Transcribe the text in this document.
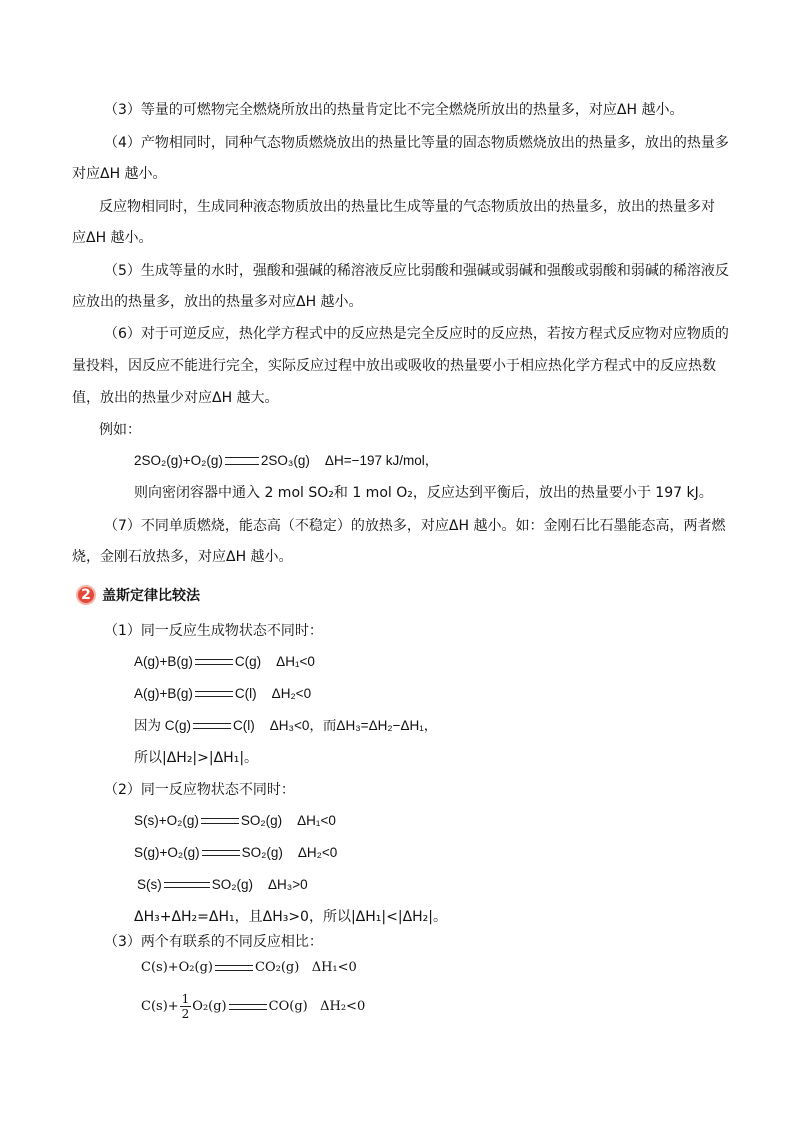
（3）等量的可燃物完全燃烧所放出的热量肯定比不完全燃烧所放出的热量多，对应ΔH 越小。
（4）产物相同时，同种气态物质燃烧放出的热量比等量的固态物质燃烧放出的热量多，放出的热量多
对应ΔH 越小。
反应物相同时，生成同种液态物质放出的热量比生成等量的气态物质放出的热量多，放出的热量多对
应ΔH 越小。
（5）生成等量的水时，强酸和强碱的稀溶液反应比弱酸和强碱或弱碱和强酸或弱酸和弱碱的稀溶液反
应放出的热量多，放出的热量多对应ΔH 越小。
（6）对于可逆反应，热化学方程式中的反应热是完全反应时的反应热，若按方程式反应物对应物质的
量投料，因反应不能进行完全，实际反应过程中放出或吸收的热量要小于相应热化学方程式中的反应热数
值，放出的热量少对应ΔH 越大。
例如：
2SO₂(g)+O₂(g)	2SO₃(g) ΔH=−197 kJ/mol，
则向密闭容器中通入 2 mol SO₂和 1 mol O₂，反应达到平衡后，放出的热量要小于 197 kJ。
（7）不同单质燃烧，能态高（不稳定）的放热多，对应ΔH 越小。如：金刚石比石墨能态高，两者燃
烧，金刚石放热多，对应ΔH 越小。
2 盖斯定律比较法
（1）同一反应生成物状态不同时：
A(g)+B(g)	C(g) ΔH₁<0
A(g)+B(g)	C(l) ΔH₂<0
因为 C(g)	C(l) ΔH₃<0，而ΔH₃=ΔH₂−ΔH₁，
所以|ΔH₂|>|ΔH₁|。
（2）同一反应物状态不同时：
S(s)+O₂(g)	SO₂(g) ΔH₁<0
S(g)+O₂(g)	SO₂(g) ΔH₂<0
S(s)	SO₂(g) ΔH₃>0
ΔH₃+ΔH₂=ΔH₁，且ΔH₃>0，所以|ΔH₁|<|ΔH₂|。
（3）两个有联系的不同反应相比：
C(s)+O₂(g)	CO₂(g) ΔH₁<0
$C(s)+ \frac{1}{2} O_2(g)$	CO(g) ΔH₂<0
